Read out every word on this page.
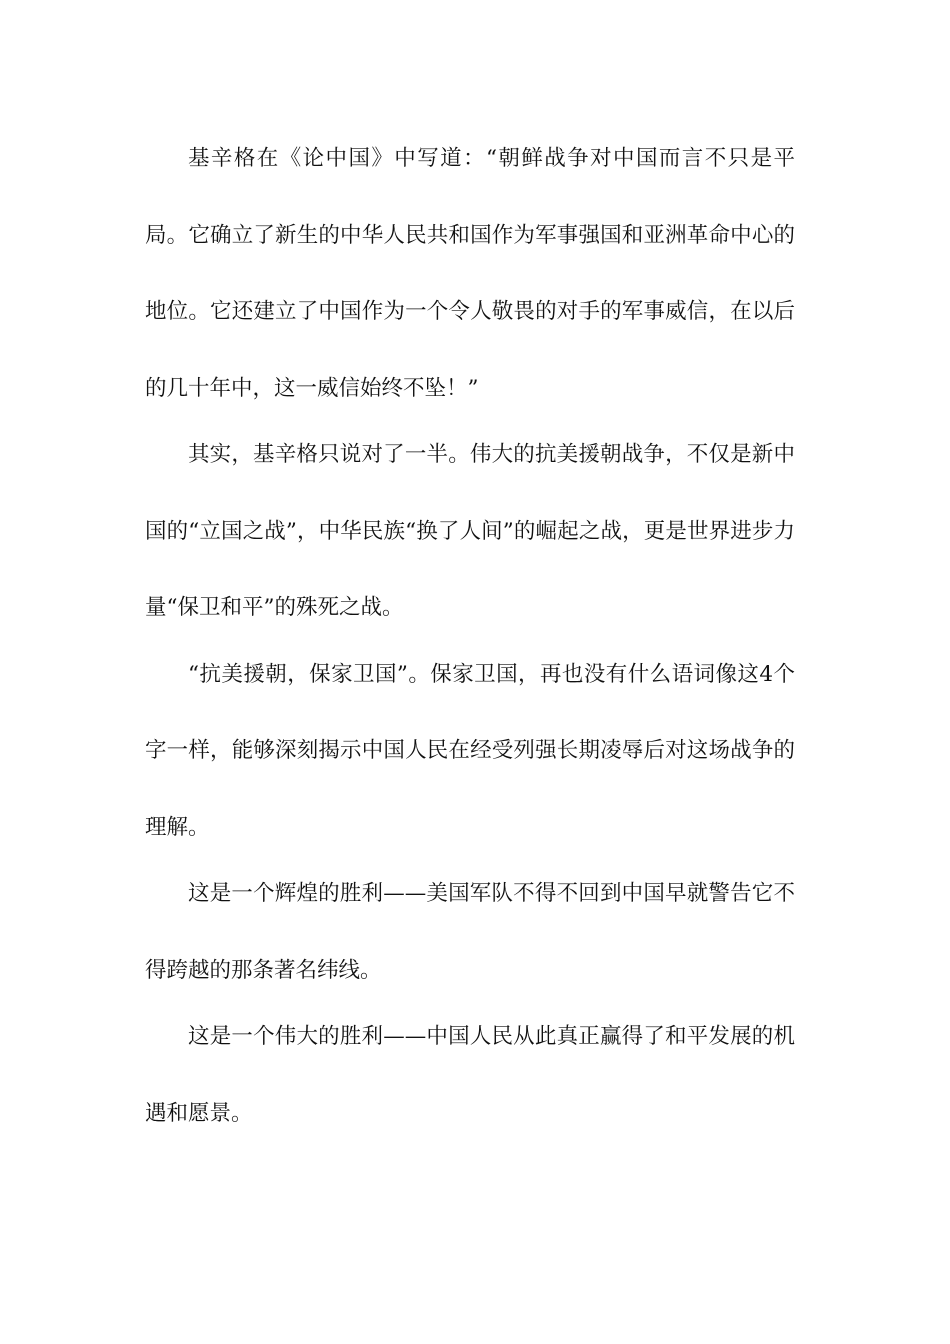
基辛格在《论中国》中写道：“朝鲜战争对中国而言不只是平局。它确立了新生的中华人民共和国作为军事强国和亚洲革命中心的地位。它还建立了中国作为一个令人敬畏的对手的军事威信，在以后的几十年中，这一威信始终不坠！”

其实，基辛格只说对了一半。伟大的抗美援朝战争，不仅是新中国的“立国之战”，中华民族“换了人间”的崛起之战，更是世界进步力量“保卫和平”的殊死之战。

“抗美援朝，保家卫国”。保家卫国，再也没有什么语词像这4个字一样，能够深刻揭示中国人民在经受列强长期凌辱后对这场战争的理解。

这是一个辉煌的胜利——美国军队不得不回到中国早就警告它不得跨越的那条著名纬线。

这是一个伟大的胜利——中国人民从此真正赢得了和平发展的机遇和愿景。
